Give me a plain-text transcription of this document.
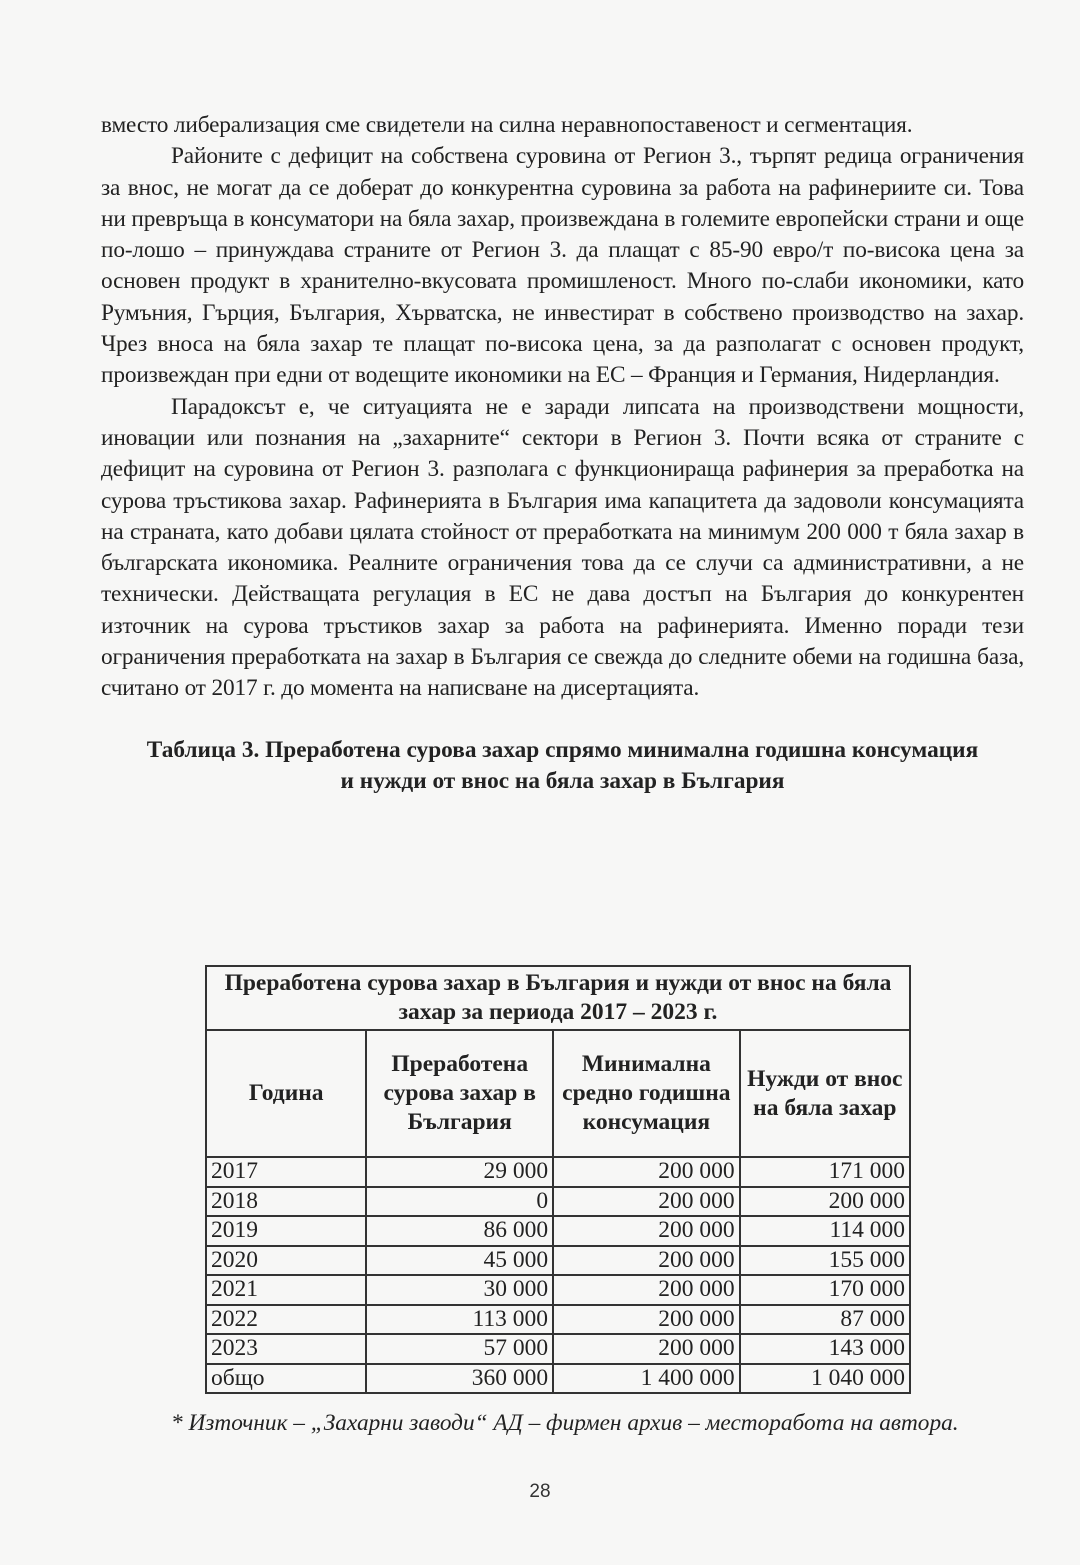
вместо либерализация сме свидетели на силна неравнопоставеност и сегментация.

Районите с дефицит на собствена суровина от Регион 3., търпят редица ограничения за внос, не могат да се доберат до конкурентна суровина за работа на рафинериите си. Това ни превръща в консуматори на бяла захар, произвеждана в големите европейски страни и още по-лошо – принуждава страните от Регион 3. да плащат с 85-90 евро/т по-висока цена за основен продукт в хранително-вкусовата промишленост. Много по-слаби икономики, като Румъния, Гърция, България, Хърватска, не инвестират в собствено производство на захар. Чрез вноса на бяла захар те плащат по-висока цена, за да разполагат с основен продукт, произвеждан при едни от водещите икономики на ЕС – Франция и Германия, Нидерландия.

Парадоксът е, че ситуацията не е заради липсата на производствени мощности, иновации или познания на „захарните“ сектори в Регион 3. Почти всяка от страните с дефицит на суровина от Регион 3. разполага с функционираща рафинерия за преработка на сурова тръстикова захар. Рафинерията в България има капацитета да задоволи консумацията на страната, като добави цялата стойност от преработката на минимум 200 000 т бяла захар в българската икономика. Реалните ограничения това да се случи са административни, а не технически. Действащата регулация в ЕС не дава достъп на България до конкурентен източник на сурова тръстиков захар за работа на рафинерията. Именно поради тези ограничения преработката на захар в България се свежда до следните обеми на годишна база, считано от 2017 г. до момента на написване на дисертацията.

Таблица 3. Преработена сурова захар спрямо минимална годишна консумация и нужди от внос на бяла захар в България

Преработена сурова захар в България и нужди от внос на бяла захар за периода 2017 – 2023 г.			
Година	Преработена сурова захар в България	Минимална средно годишна консумация	Нужди от внос на бяла захар
2017	29 000	200 000	171 000
2018	0	200 000	200 000
2019	86 000	200 000	114 000
2020	45 000	200 000	155 000
2021	30 000	200 000	170 000
2022	113 000	200 000	87 000
2023	57 000	200 000	143 000
общо	360 000	1 400 000	1 040 000

* Източник – „Захарни заводи“ АД – фирмен архив – месторабота на автора.

28
